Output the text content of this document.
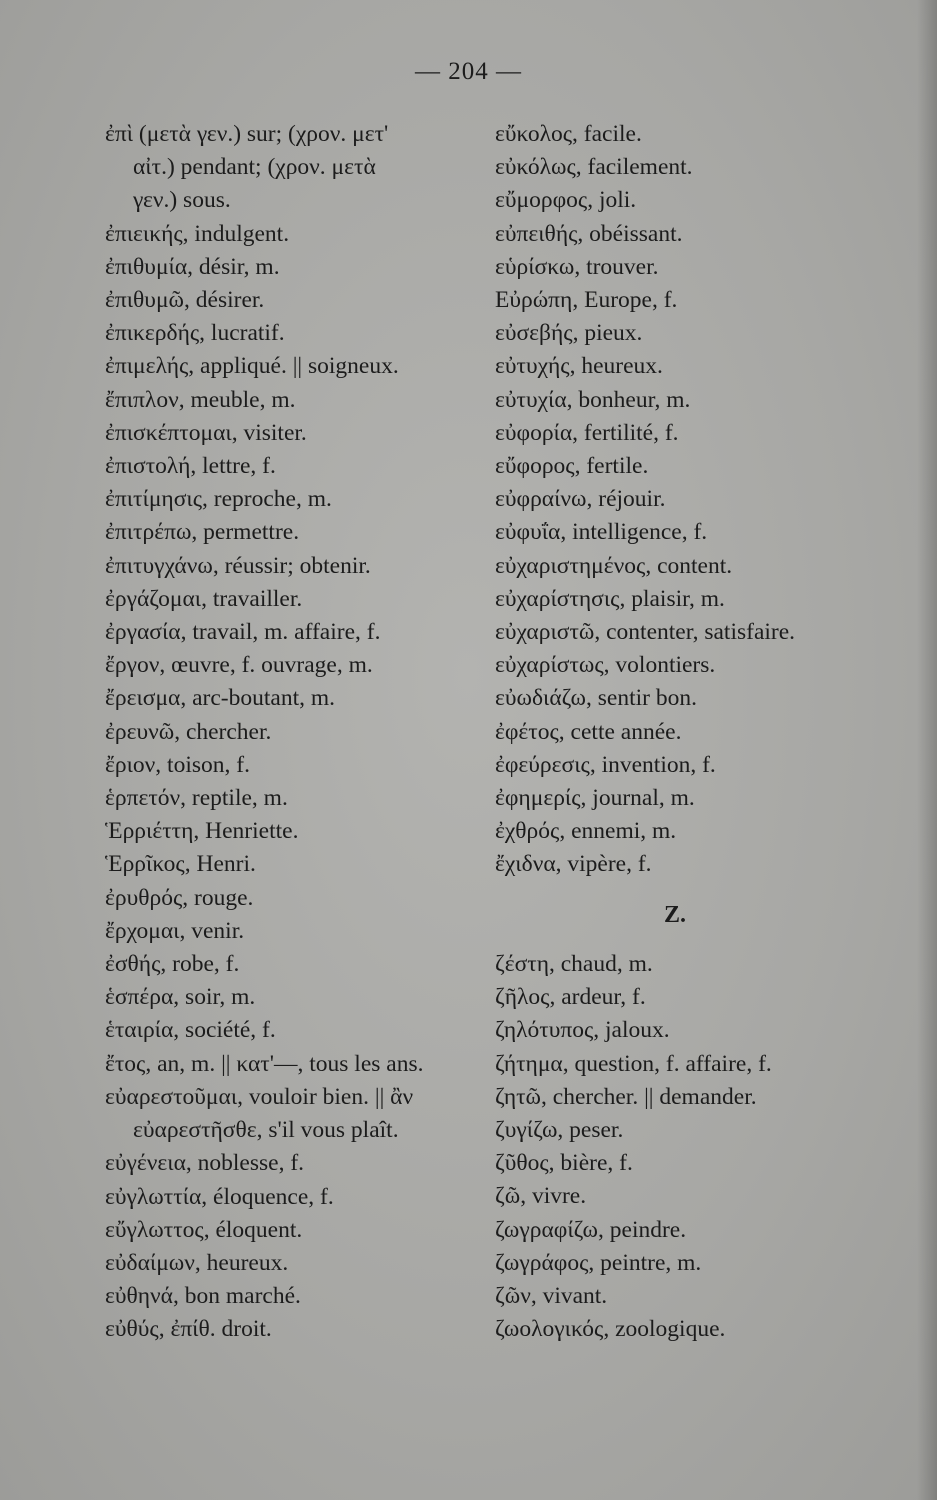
— 204 —
ἐπὶ (μετὰ γεν.) sur; (χρον. μετ'
αἰτ.) pendant; (χρον. μετὰ
γεν.) sous.
ἐπιεικής, indulgent.
ἐπιθυμία, désir, m.
ἐπιθυμῶ, désirer.
ἐπικερδής, lucratif.
ἐπιμελής, appliqué. || soigneux.
ἔπιπλον, meuble, m.
ἐπισκέπτομαι, visiter.
ἐπιστολή, lettre, f.
ἐπιτίμησις, reproche, m.
ἐπιτρέπω, permettre.
ἐπιτυγχάνω, réussir; obtenir.
ἐργάζομαι, travailler.
ἐργασία, travail, m. affaire, f.
ἔργον, œuvre, f. ouvrage, m.
ἔρεισμα, arc-boutant, m.
ἐρευνῶ, chercher.
ἔριον, toison, f.
ἑρπετόν, reptile, m.
Ἑρριέττη, Henriette.
Ἑρρῖκος, Henri.
ἐρυθρός, rouge.
ἔρχομαι, venir.
ἐσθής, robe, f.
ἑσπέρα, soir, m.
ἑταιρία, société, f.
ἔτος, an, m. || κατ'—, tous les ans.
εὐαρεστοῦμαι, vouloir bien. || ἂν
εὐαρεστῆσθε, s'il vous plaît.
εὐγένεια, noblesse, f.
εὐγλωττία, éloquence, f.
εὔγλωττος, éloquent.
εὐδαίμων, heureux.
εὐθηνά, bon marché.
εὐθύς, ἐπίθ. droit.
εὔκολος, facile.
εὐκόλως, facilement.
εὔμορφος, joli.
εὐπειθής, obéissant.
εὑρίσκω, trouver.
Εὐρώπη, Europe, f.
εὐσεβής, pieux.
εὐτυχής, heureux.
εὐτυχία, bonheur, m.
εὐφορία, fertilité, f.
εὔφορος, fertile.
εὐφραίνω, réjouir.
εὐφυΐα, intelligence, f.
εὐχαριστημένος, content.
εὐχαρίστησις, plaisir, m.
εὐχαριστῶ, contenter, satisfaire.
εὐχαρίστως, volontiers.
εὐωδιάζω, sentir bon.
ἐφέτος, cette année.
ἐφεύρεσις, invention, f.
ἐφημερίς, journal, m.
ἐχθρός, ennemi, m.
ἔχιδνα, vipère, f.
Ζ.
ζέστη, chaud, m.
ζῆλος, ardeur, f.
ζηλότυπος, jaloux.
ζήτημα, question, f. affaire, f.
ζητῶ, chercher. || demander.
ζυγίζω, peser.
ζῦθος, bière, f.
ζῶ, vivre.
ζωγραφίζω, peindre.
ζωγράφος, peintre, m.
ζῶν, vivant.
ζωολογικός, zoologique.
